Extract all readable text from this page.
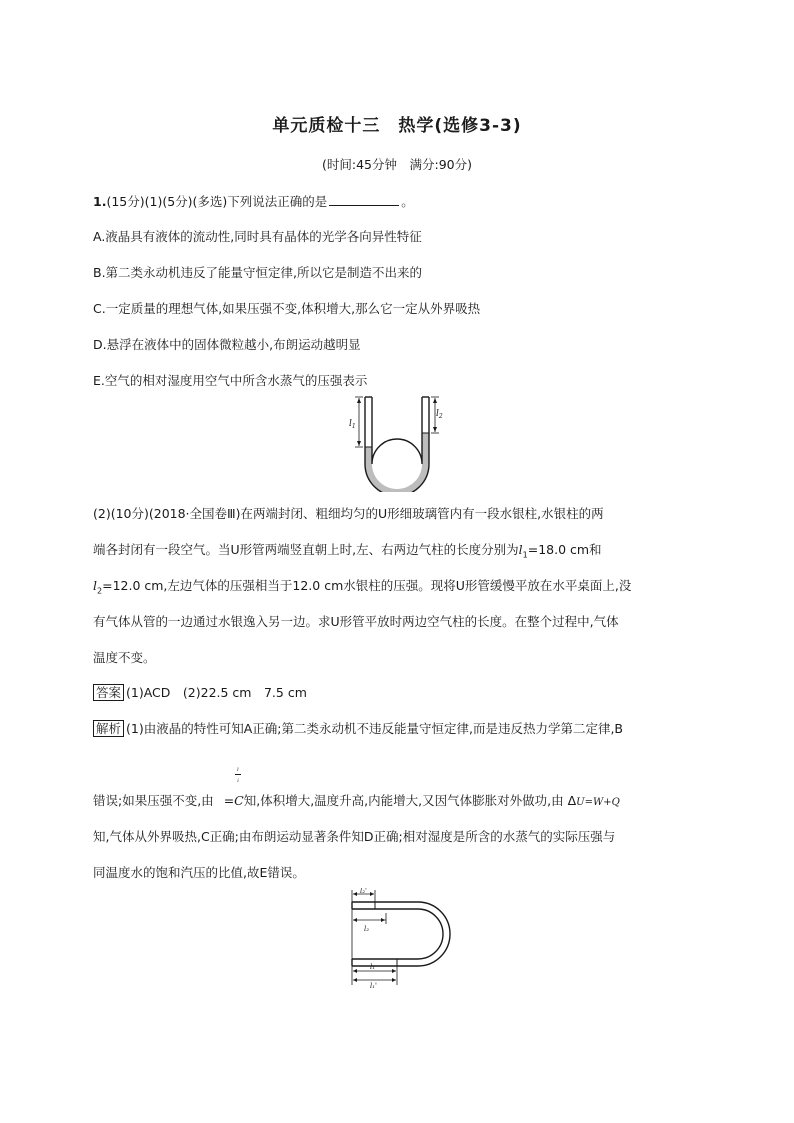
单元质检十三　热学(选修3-3)
(时间:45分钟　满分:90分)
1.(15分)(1)(5分)(多选)下列说法正确的是	。
A.液晶具有液体的流动性,同时具有晶体的光学各向异性特征
B.第二类永动机违反了能量守恒定律,所以它是制造不出来的
C.一定质量的理想气体,如果压强不变,体积增大,那么它一定从外界吸热
D.悬浮在液体中的固体微粒越小,布朗运动越明显
E.空气的相对湿度用空气中所含水蒸气的压强表示
$l_1$
$l_2$
(2)(10分)(2018·全国卷Ⅲ)在两端封闭、粗细均匀的U形细玻璃管内有一段水银柱,水银柱的两
端各封闭有一段空气。当U形管两端竖直朝上时,左、右两边气柱的长度分别为$l_1=18.0$ cm和
$l_2=12.0$ cm,左边气体的压强相当于12.0 cm水银柱的压强。现将U形管缓慢平放在水平桌面上,没
有气体从管的一边通过水银逸入另一边。求U形管平放时两边空气柱的长度。在整个过程中,气体
温度不变。
答案 (1)ACD　(2)22.5 cm　7.5 cm
解析 (1)由液晶的特性可知A正确;第二类永动机不违反能量守恒定律,而是违反热力学第二定律,B
ₗ
ᵢ
错误;如果压强不变,由 =C知,体积增大,温度升高,内能增大,又因气体膨胀对外做功,由 ΔU=W+Q
知,气体从外界吸热,C正确;由布朗运动显著条件知D正确;相对湿度是所含的水蒸气的实际压强与
同温度水的饱和汽压的比值,故E错误。
l₂'
l₂
l₁
l₁'
